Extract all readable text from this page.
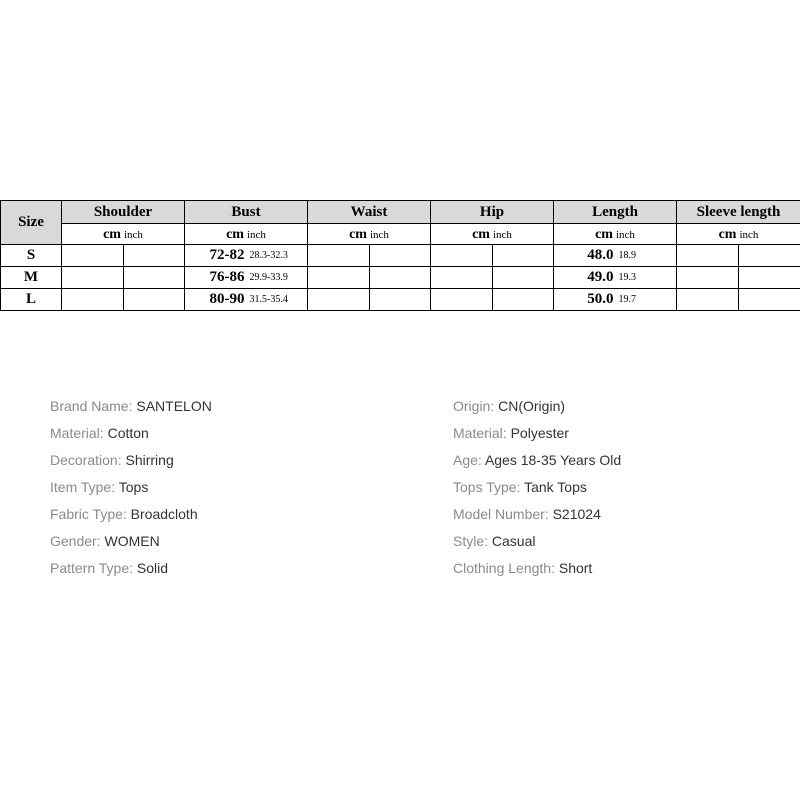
Size	Shoulder		Bust		Waist		Hip		Length		Sleeve length	
	cm inch		cm inch		cm inch		cm inch		cm inch		cm inch	
S			72-82	28.3-32.3					48.0	18.9		
M			76-86	29.9-33.9					49.0	19.3		
L			80-90	31.5-35.4					50.0	19.7		
Brand Name: SANTELON
Material: Cotton
Decoration: Shirring
Item Type: Tops
Fabric Type: Broadcloth
Gender: WOMEN
Pattern Type: Solid
Origin: CN(Origin)
Material: Polyester
Age: Ages 18-35 Years Old
Tops Type: Tank Tops
Model Number: S21024
Style: Casual
Clothing Length: Short
